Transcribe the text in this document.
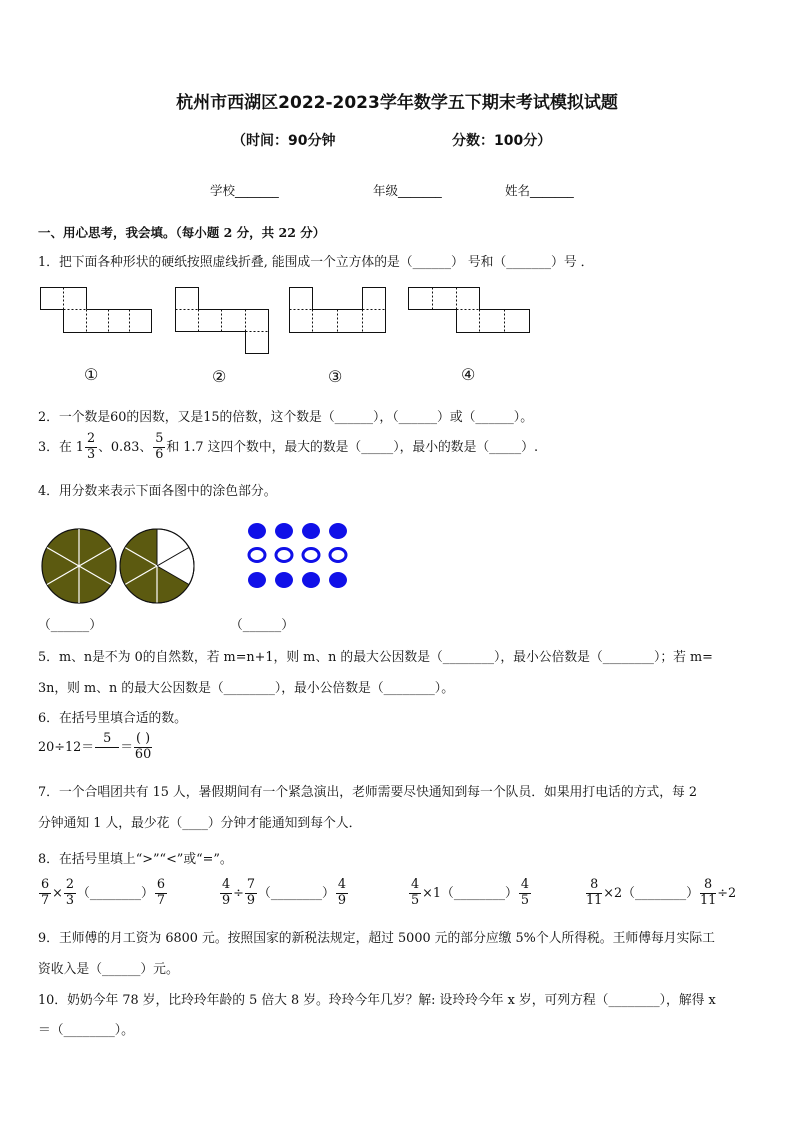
杭州市西湖区2022-2023学年数学五下期末考试模拟试题
（时间：90分钟	分数：100分）
学校_______	年级_______	姓名_______
一、用心思考，我会填。（每小题 2 分，共 22 分）
1．把下面各种形状的硬纸按照虚线折叠, 能围成一个立方体的是（______） 号和（_______）号 ．
①	②	③	④
2．一个数是60的因数，又是15的倍数，这个数是（______），（______）或（______）。
3．在 $1 \frac{2}{3}$ 、0.83、 $\frac{5}{6}$ 和 1.7 这四个数中，最大的数是（_____），最小的数是（_____）.
4．用分数来表示下面各图中的涂色部分。
（______）	（______）
5．m、n是不为 0的自然数，若 m=n+1，则 m、n 的最大公因数是（________），最小公倍数是（________）；若 m=
3n，则 m、n 的最大公因数是（________），最小公倍数是（________）。
6．在括号里填合适的数。
20÷12＝
5

＝ $\frac{( )}{60}$
7．一个合唱团共有 15 人，暑假期间有一个紧急演出，老师需要尽快通知到每一个队员．如果用打电话的方式，每 2
分钟通知 1 人，最少花（____）分钟才能通知到每个人．
8．在括号里填上“>”“<”或“=”。
$\frac{6}{7} \times \frac{2}{3}$ （________） $\frac{6}{7}$	$\frac{4}{9} \div \frac{7}{9}$ （________） $\frac{4}{9}$	$\frac{4}{5}$ ×1（________） $\frac{4}{5}$	$\frac{8}{11}$ ×2（________） $\frac{8}{11} \div 2$
9．王师傅的月工资为 6800 元。按照国家的新税法规定，超过 5000 元的部分应缴 5%个人所得税。王师傅每月实际工
资收入是（______）元。
10．奶奶今年 78 岁，比玲玲年龄的 5 倍大 8 岁。玲玲今年几岁？解: 设玲玲今年 x 岁，可列方程（________），解得 x
＝（________）。
